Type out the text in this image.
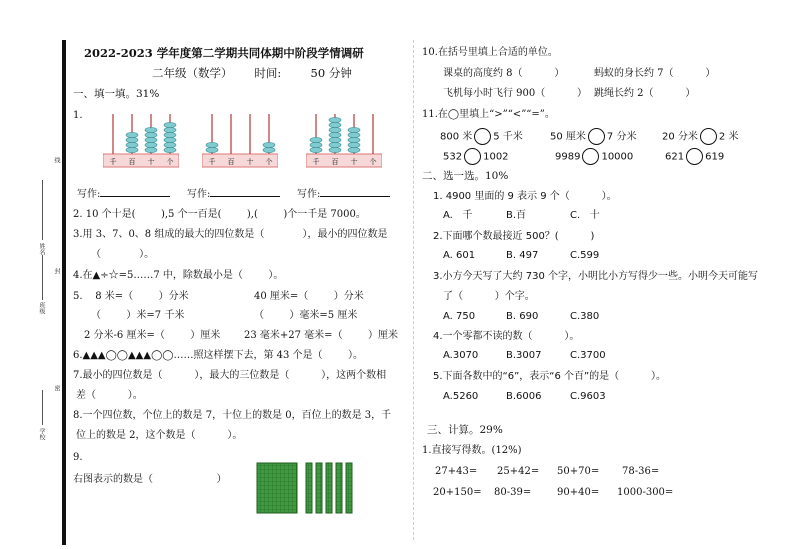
线
姓名
封
班级
密
学校
2022-2023 学年度第二学期共同体期中阶段学情调研
二年级（数学）      时间:        50 分钟
一、填一填。31%
1.
千 百 十 个	千 百 十 个	千 百 十 个
写作:	写作:	写作:
2. 10 个十是(        ),5 个一百是(        ),(        )个一千是 7000。
3.用 3、7、0、8 组成的最大的四位数是（            ），最小的四位数是
（            ）。
4.在▲÷☆=5……7 中，除数最小是（        ）。
5.    8 米=（        ）分米	40 厘米=（        ）分米
（        ）米=7 千米	（        ）毫米=5 厘米
2 分米-6 厘米=（        ）厘米 23 毫米+27 毫米=（        ）厘米
6.▲▲▲◯◯▲▲▲◯◯……照这样摆下去，第 43 个是（        ）。
7.最小的四位数是（          ），最大的三位数是（          ），这两个数相
差（          ）。
8.一个四位数，个位上的数是 7，十位上的数是 0，百位上的数是 3，千
位上的数是 2，这个数是（          ）。
9.
右图表示的数是（                    ）
10.在括号里填上合适的单位。
课桌的高度约 8（          ）	蚂蚁的身长约 7（          ）
飞机每小时飞行 900（          ） 跳绳长约 2（          ）
11.在◯里填上“>”“<”“=”。
800 米 5 千米	50 厘米 7 分米	20 分米 2 米
532 1002	9989 10000	621 619
二、选一选。10%
1. 4900 里面的 9 表示 9 个（          ）。
A.   千	B.百	C.   十
2.下面哪个数最接近 500？(          )
A. 601	B. 497	C.599
3.小方今天写了大约 730 个字，小明比小方写得少一些。小明今天可能写
了（          ）个字。
A. 750	B. 690	C.380
4.一个零都不读的数（          ）。
A.3070	B.3007	C.3700
5.下面各数中的“6”，表示“6 个百”的是（          ）。
A.5260	B.6006	C.9603
三、计算。29%
1.直接写得数。(12%)
27+43= 25+42= 50+70= 78-36=
20+150= 80-39=	90+40= 1000-300=
